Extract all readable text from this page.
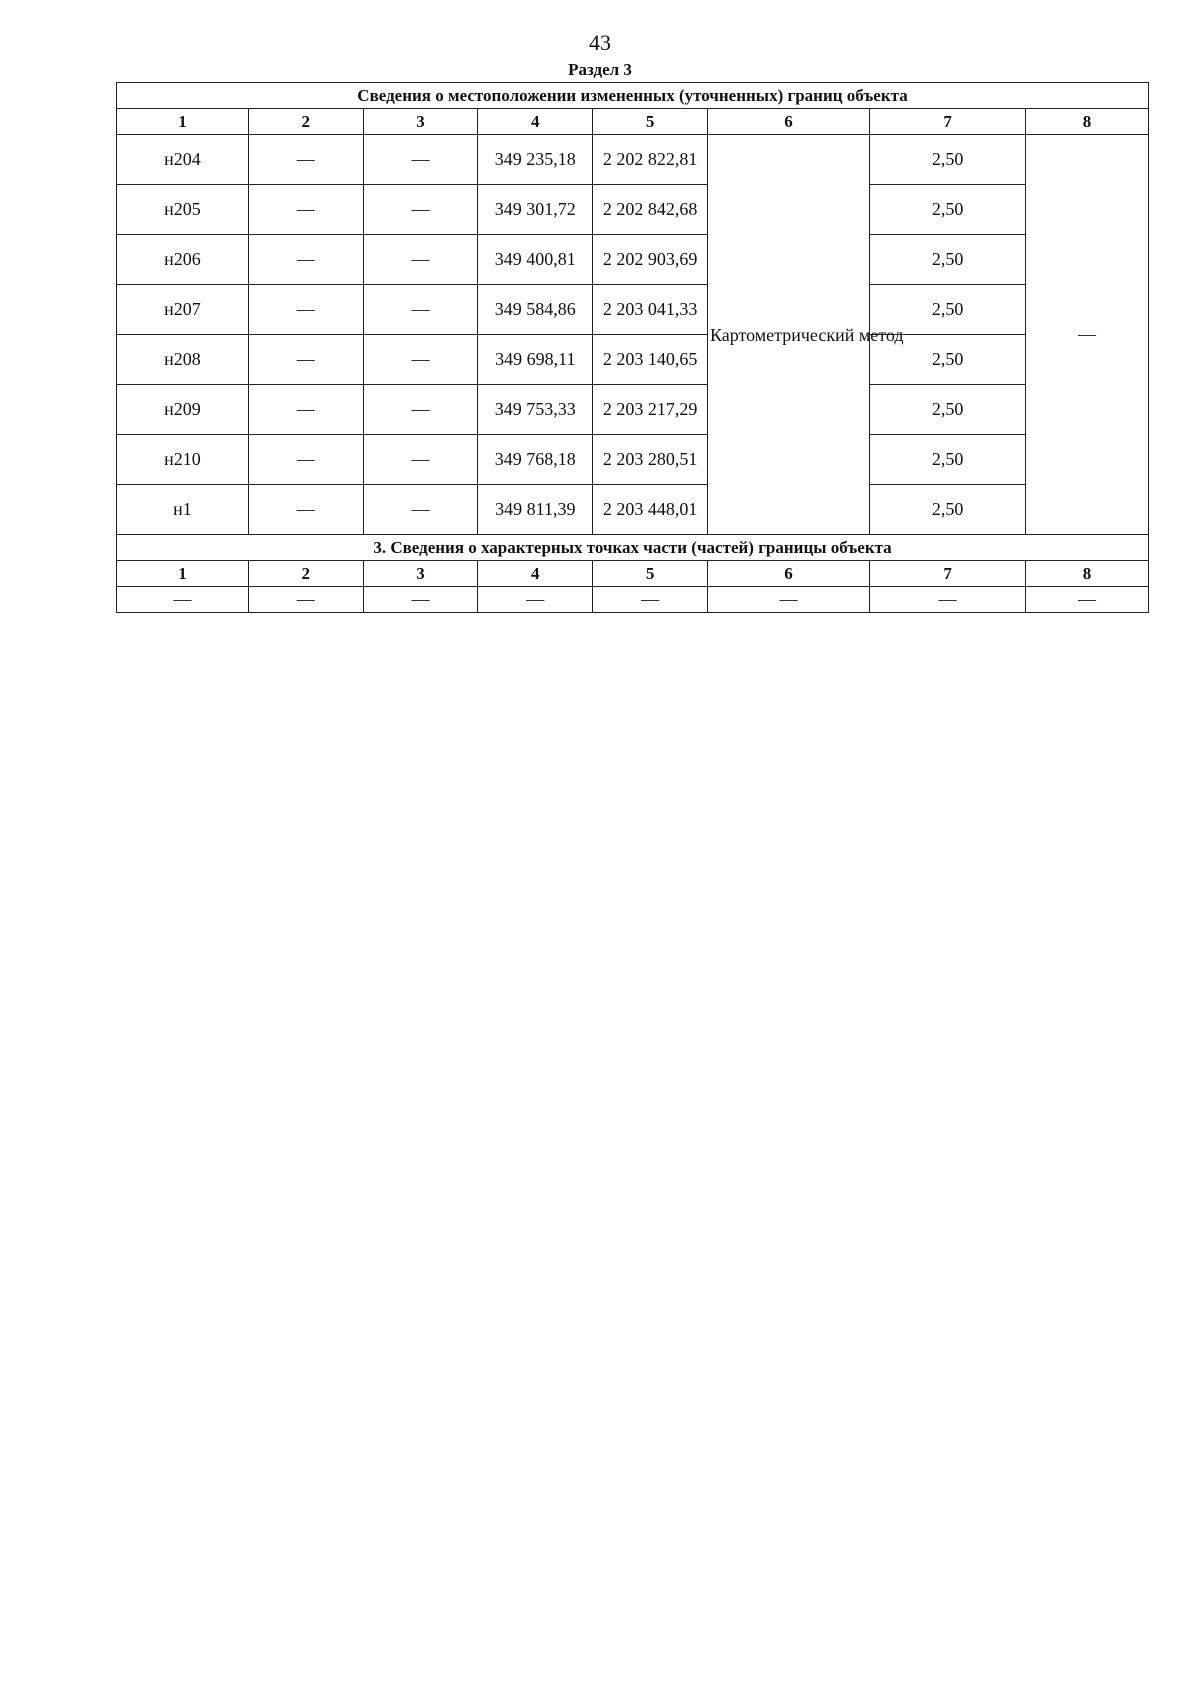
43
Раздел 3
Сведения о местоположении измененных (уточненных) границ объекта							
1	2	3	4	5	6	7	8
н204	—	—	349 235,18	2 202 822,81	Картометрический метод	2,50	—
н205	—	—	349 301,72	2 202 842,68		2,50	
н206	—	—	349 400,81	2 202 903,69		2,50	
н207	—	—	349 584,86	2 203 041,33		2,50	
н208	—	—	349 698,11	2 203 140,65		2,50	
н209	—	—	349 753,33	2 203 217,29		2,50	
н210	—	—	349 768,18	2 203 280,51		2,50	
н1	—	—	349 811,39	2 203 448,01		2,50	
3. Сведения о характерных точках части (частей) границы объекта							
1	2	3	4	5	6	7	8
—	—	—	—	—	—	—	—
